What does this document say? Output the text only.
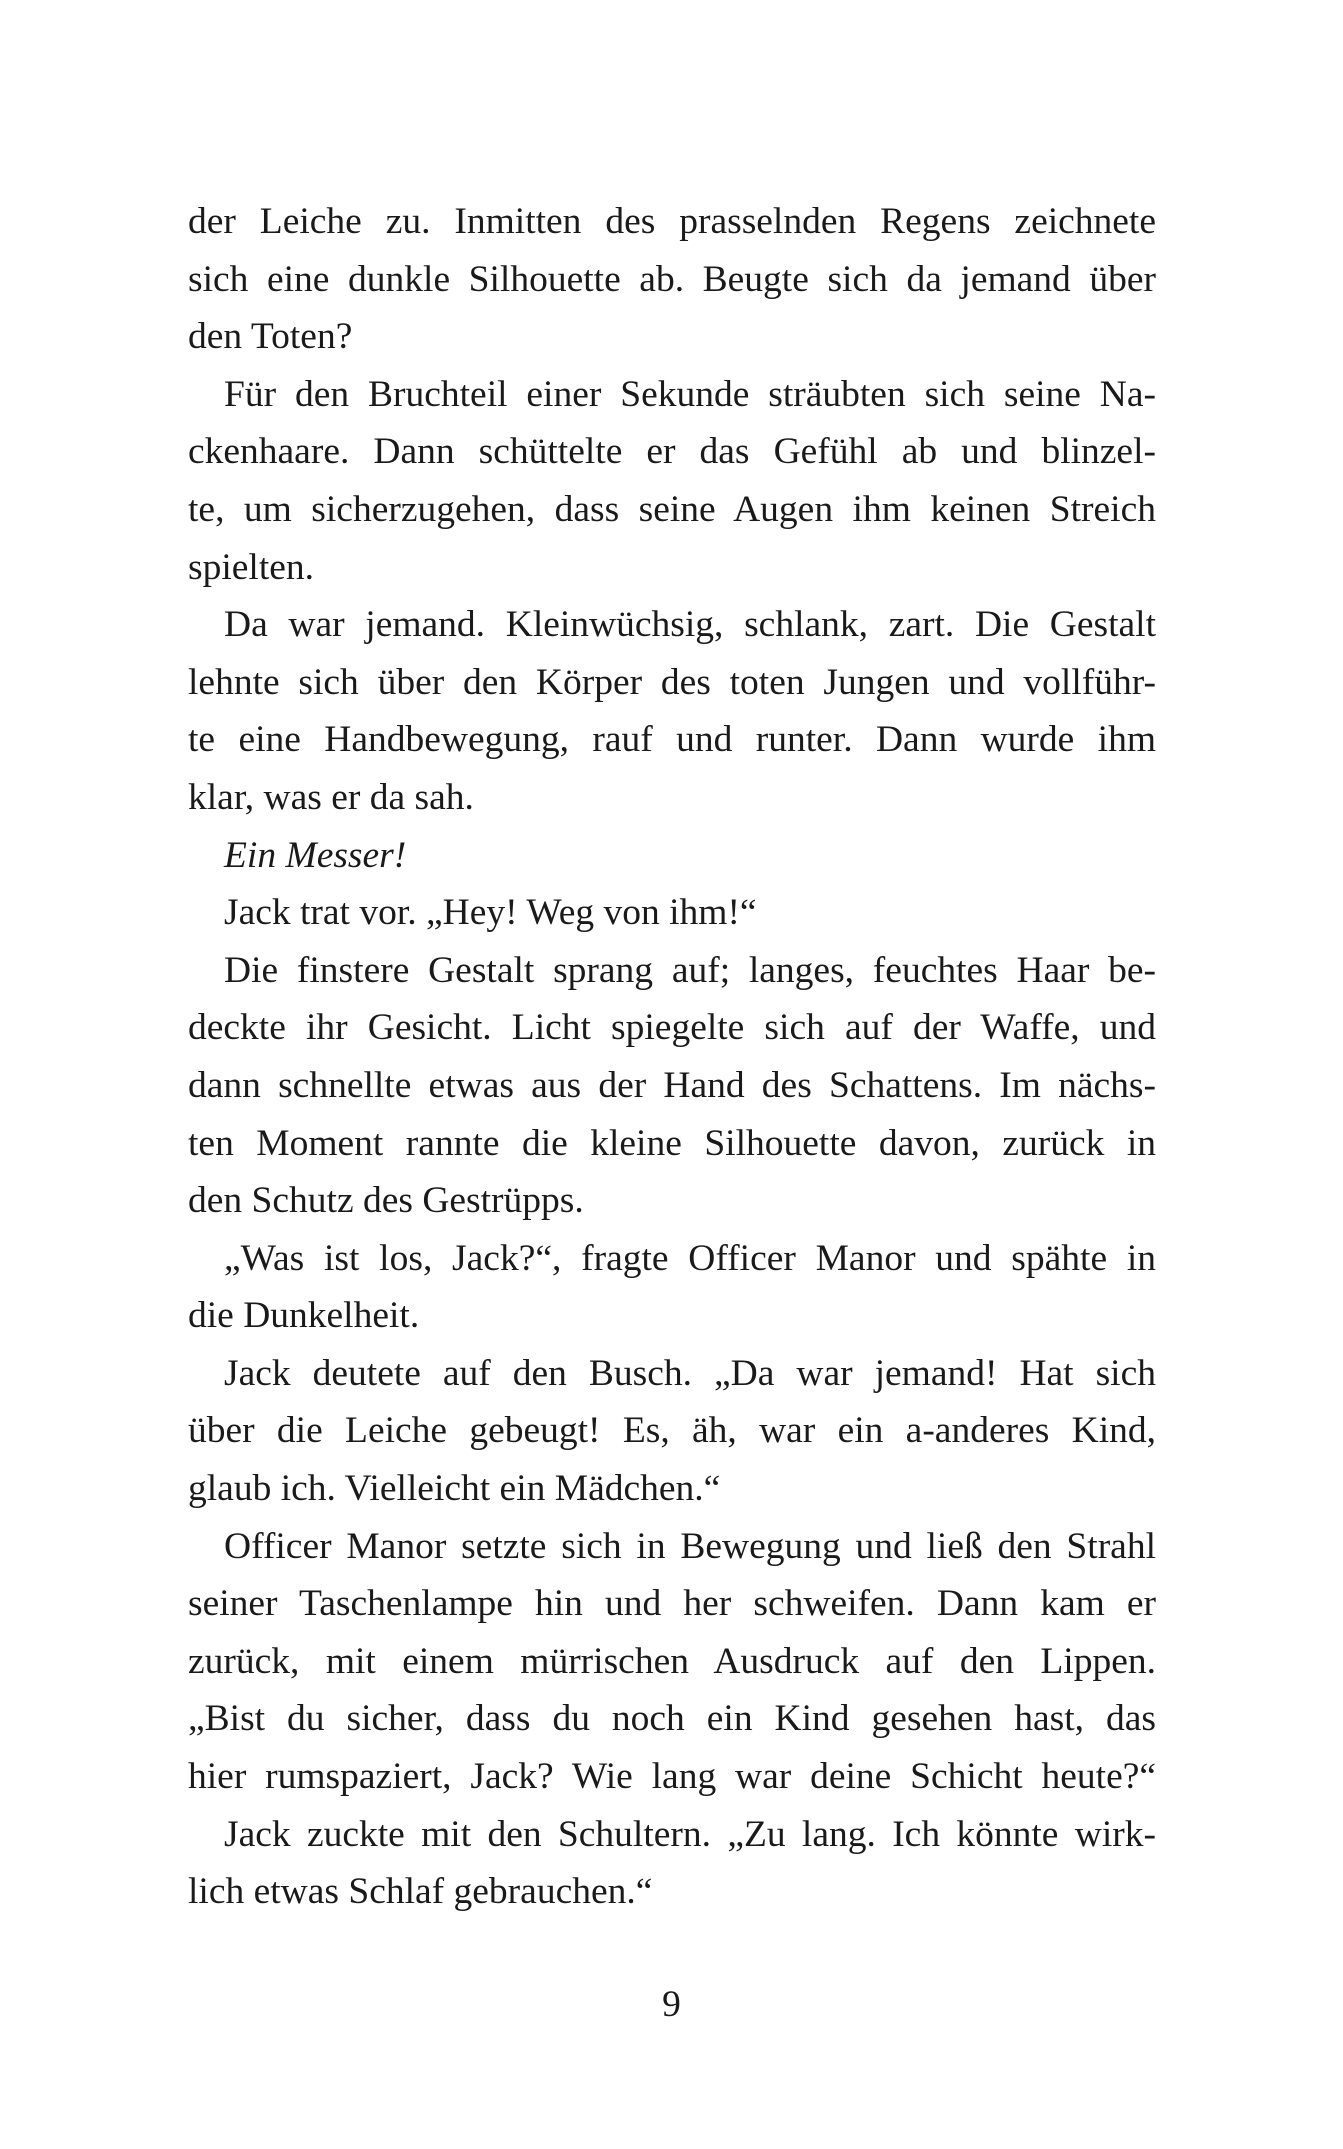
der Leiche zu. Inmitten des prasselnden Regens zeichnete
sich eine dunkle Silhouette ab. Beugte sich da jemand über
den Toten?
Für den Bruchteil einer Sekunde sträubten sich seine Na-
ckenhaare. Dann schüttelte er das Gefühl ab und blinzel-
te, um sicherzugehen, dass seine Augen ihm keinen Streich
spielten.
Da war jemand. Kleinwüchsig, schlank, zart. Die Gestalt
lehnte sich über den Körper des toten Jungen und vollführ-
te eine Handbewegung, rauf und runter. Dann wurde ihm
klar, was er da sah.
Ein Messer!
Jack trat vor. „Hey! Weg von ihm!“
Die finstere Gestalt sprang auf; langes, feuchtes Haar be-
deckte ihr Gesicht. Licht spiegelte sich auf der Waffe, und
dann schnellte etwas aus der Hand des Schattens. Im nächs-
ten Moment rannte die kleine Silhouette davon, zurück in
den Schutz des Gestrüpps.
„Was ist los, Jack?“, fragte Officer Manor und spähte in
die Dunkelheit.
Jack deutete auf den Busch. „Da war jemand! Hat sich
über die Leiche gebeugt! Es, äh, war ein a-anderes Kind,
glaub ich. Vielleicht ein Mädchen.“
Officer Manor setzte sich in Bewegung und ließ den Strahl
seiner Taschenlampe hin und her schweifen. Dann kam er
zurück, mit einem mürrischen Ausdruck auf den Lippen.
„Bist du sicher, dass du noch ein Kind gesehen hast, das
hier rumspaziert, Jack? Wie lang war deine Schicht heute?“
Jack zuckte mit den Schultern. „Zu lang. Ich könnte wirk-
lich etwas Schlaf gebrauchen.“
9
